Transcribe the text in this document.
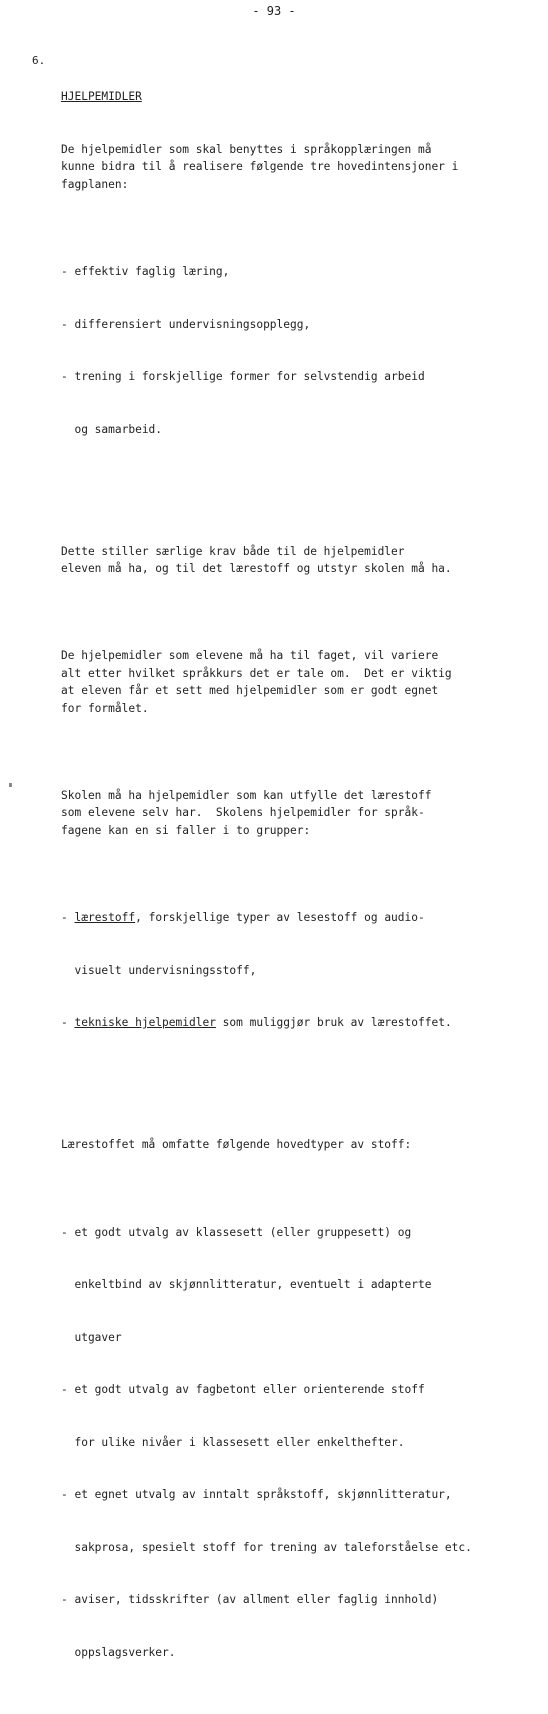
- 93 -
6.

HJELPEMIDLER

De hjelpemidler som skal benyttes i språkopplæringen må
kunne bidra til å realisere følgende tre hovedintensjoner i
fagplanen:

- effektiv faglig læring,

- differensiert undervisningsopplegg,

- trening i forskjellige former for selvstendig arbeid

og samarbeid.

Dette stiller særlige krav både til de hjelpemidler
eleven må ha, og til det lærestoff og utstyr skolen må ha.

De hjelpemidler som elevene må ha til faget, vil variere
alt etter hvilket språkkurs det er tale om.  Det er viktig
at eleven får et sett med hjelpemidler som er godt egnet
for formålet.

Skolen må ha hjelpemidler som kan utfylle det lærestoff
som elevene selv har.  Skolens hjelpemidler for språk-
fagene kan en si faller i to grupper:

- lærestoff, forskjellige typer av lesestoff og audio-

visuelt undervisningsstoff,

- tekniske hjelpemidler som muliggjør bruk av lærestoffet.

Lærestoffet må omfatte følgende hovedtyper av stoff:

- et godt utvalg av klassesett (eller gruppesett) og

enkeltbind av skjønnlitteratur, eventuelt i adapterte

utgaver

- et godt utvalg av fagbetont eller orienterende stoff

for ulike nivåer i klassesett eller enkelthefter.

- et egnet utvalg av inntalt språkstoff, skjønnlitteratur,

sakprosa, spesielt stoff for trening av taleforståelse etc.

- aviser, tidsskrifter (av allment eller faglig innhold)

oppslagsverker.
